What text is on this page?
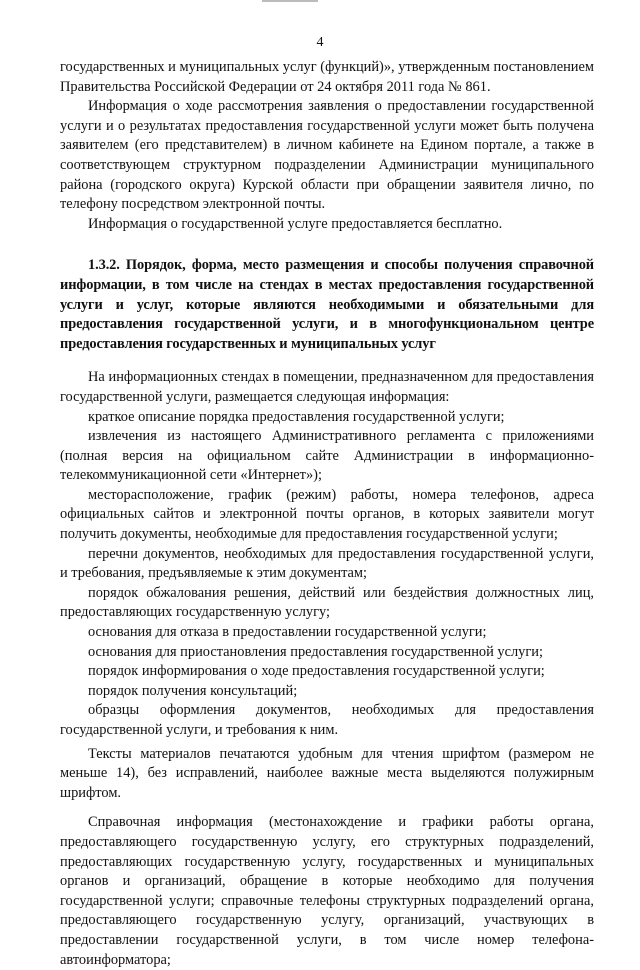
4

государственных и муниципальных услуг (функций)», утвержденным постановлением Правительства Российской Федерации от 24 октября 2011 года № 861.

Информация о ходе рассмотрения заявления о предоставлении государственной услуги и о результатах предоставления государственной услуги может быть получена заявителем (его представителем) в личном кабинете на Едином портале, а также в соответствующем структурном подразделении Администрации муниципального района (городского округа) Курской области при обращении заявителя лично, по телефону посредством электронной почты.

Информация о государственной услуге предоставляется бесплатно.

1.3.2. Порядок, форма, место размещения и способы получения справочной информации, в том числе на стендах в местах предоставления государственной услуги и услуг, которые являются необходимыми и обязательными для предоставления государственной услуги, и в многофункциональном центре предоставления государственных и муниципальных услуг

На информационных стендах в помещении, предназначенном для предоставления государственной услуги, размещается следующая информация:

краткое описание порядка предоставления государственной услуги;

извлечения из настоящего Административного регламента с приложениями (полная версия на официальном сайте Администрации в информационно-телекоммуникационной сети «Интернет»);

месторасположение, график (режим) работы, номера телефонов, адреса официальных сайтов и электронной почты органов, в которых заявители могут получить документы, необходимые для предоставления государственной услуги;

перечни документов, необходимых для предоставления государственной услуги, и требования, предъявляемые к этим документам;

порядок обжалования решения, действий или бездействия должностных лиц, предоставляющих государственную услугу;

основания для отказа в предоставлении государственной услуги;

основания для приостановления предоставления государственной услуги;

порядок информирования о ходе предоставления государственной услуги;

порядок получения консультаций;

образцы оформления документов, необходимых для предоставления государственной услуги, и требования к ним.

Тексты материалов печатаются удобным для чтения шрифтом (размером не меньше 14), без исправлений, наиболее важные места выделяются полужирным шрифтом.

Справочная информация (местонахождение и графики работы органа, предоставляющего государственную услугу, его структурных подразделений, предоставляющих государственную услугу, государственных и муниципальных органов и организаций, обращение в которые необходимо для получения государственной услуги; справочные телефоны структурных подразделений органа, предоставляющего государственную услугу, организаций, участвующих в предоставлении государственной услуги, в том числе номер телефона-автоинформатора;
